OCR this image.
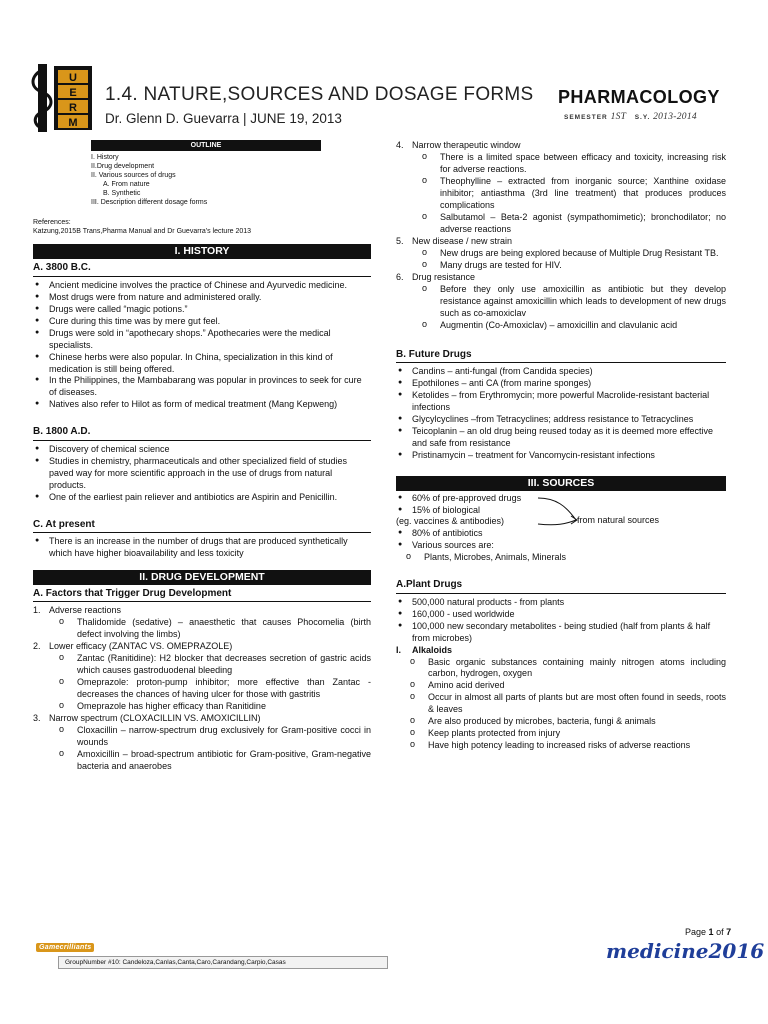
U
E
R
M
1.4. NATURE,SOURCES AND DOSAGE FORMS
Dr. Glenn D. Guevarra | JUNE 19, 2013
PHARMACOLOGY
SEMESTER 1ST S.Y. 2013-2014
OUTLINE
I. History
II.Drug development
II. Various sources of drugs
A. From nature
B. Synthetic
III. Description different dosage forms
References:
Katzung,2015B Trans,Pharma Manual and Dr Guevarra's lecture 2013
I. HISTORY
A. 3800 B.C.
● Ancient medicine involves the practice of Chinese and Ayurvedic medicine.
● Most drugs were from nature and administered orally.
● Drugs were called “magic potions.”
● Cure during this time was by mere gut feel.
● Drugs were sold in “apothecary shops.” Apothecaries were the medical specialists.
● Chinese herbs were also popular. In China, specialization in this kind of medication is still being offered.
● In the Philippines, the Mambabarang was popular in provinces to seek for cure of diseases.
● Natives also refer to Hilot as form of medical treatment (Mang Kepweng)
B. 1800 A.D.
● Discovery of chemical science
● Studies in chemistry, pharmaceuticals and other specialized field of studies paved way for more scientific approach in the use of drugs from natural products.
● One of the earliest pain reliever and antibiotics are Aspirin and Penicillin.
C. At present
● There is an increase in the number of drugs that are produced synthetically which have higher bioavailability and less toxicity
II. DRUG DEVELOPMENT
A. Factors that Trigger Drug Development
1. Adverse reactions
o Thalidomide (sedative) – anaesthetic that causes Phocomelia (birth defect involving the limbs)
2. Lower efficacy (ZANTAC VS. OMEPRAZOLE)
o Zantac (Ranitidine): H2 blocker that decreases secretion of gastric acids which causes gastroduodenal bleeding
o Omeprazole: proton-pump inhibitor; more effective than Zantac - decreases the chances of having ulcer for those with gastritis
o Omeprazole has higher efficacy than Ranitidine
3. Narrow spectrum (CLOXACILLIN VS. AMOXICILLIN)
o Cloxacillin – narrow-spectrum drug exclusively for Gram-positive cocci in wounds
o Amoxicillin – broad-spectrum antibiotic for Gram-positive, Gram-negative bacteria and anaerobes
4. Narrow therapeutic window
o There is a limited space between efficacy and toxicity, increasing risk for adverse reactions.
o Theophylline – extracted from inorganic source; Xanthine oxidase inhibitor; antiasthma (3rd line treatment) that produces produces complications
o Salbutamol – Beta-2 agonist (sympathomimetic); bronchodilator; no adverse reactions
5. New disease / new strain
o New drugs are being explored because of Multiple Drug Resistant TB.
o Many drugs are tested for HIV.
6. Drug resistance
o Before they only use amoxicillin as antibiotic but they develop resistance against amoxicillin which leads to development of new drugs such as co-amoxiclav
o Augmentin (Co-Amoxiclav) – amoxicillin and clavulanic acid
B. Future Drugs
● Candins – anti-fungal (from Candida species)
● Epothilones – anti CA (from marine sponges)
● Ketolides – from Erythromycin; more powerful Macrolide-resistant bacterial infections
● Glycylcyclines –from Tetracyclines; address resistance to Tetracyclines
● Teicoplanin – an old drug being reused today as it is deemed more effective and safe from resistance
● Pristinamycin – treatment for Vancomycin-resistant infections
III. SOURCES
● 60% of pre-approved drugs
● 15% of biological
(eg. vaccines & antibodies)	from natural sources
● 80% of antibiotics
● Various sources are:
o Plants, Microbes, Animals, Minerals
A.Plant Drugs
● 500,000 natural products - from plants
● 160,000 - used worldwide
● 100,000 new secondary metabolites - being studied (half from plants & half from microbes)
I. Alkaloids
o Basic organic substances containing mainly nitrogen atoms including carbon, hydrogen, oxygen
o Amino acid derived
o Occur in almost all parts of plants but are most often found in seeds, roots & leaves
o Are also produced by microbes, bacteria, fungi & animals
o Keep plants protected from injury
o Have high potency leading to increased risks of adverse reactions
Gamecrilliants
GroupNumber #10: Candeloza,Canlas,Canta,Caro,Carandang,Carpio,Casas
Page 1 of 7
medicine2016
